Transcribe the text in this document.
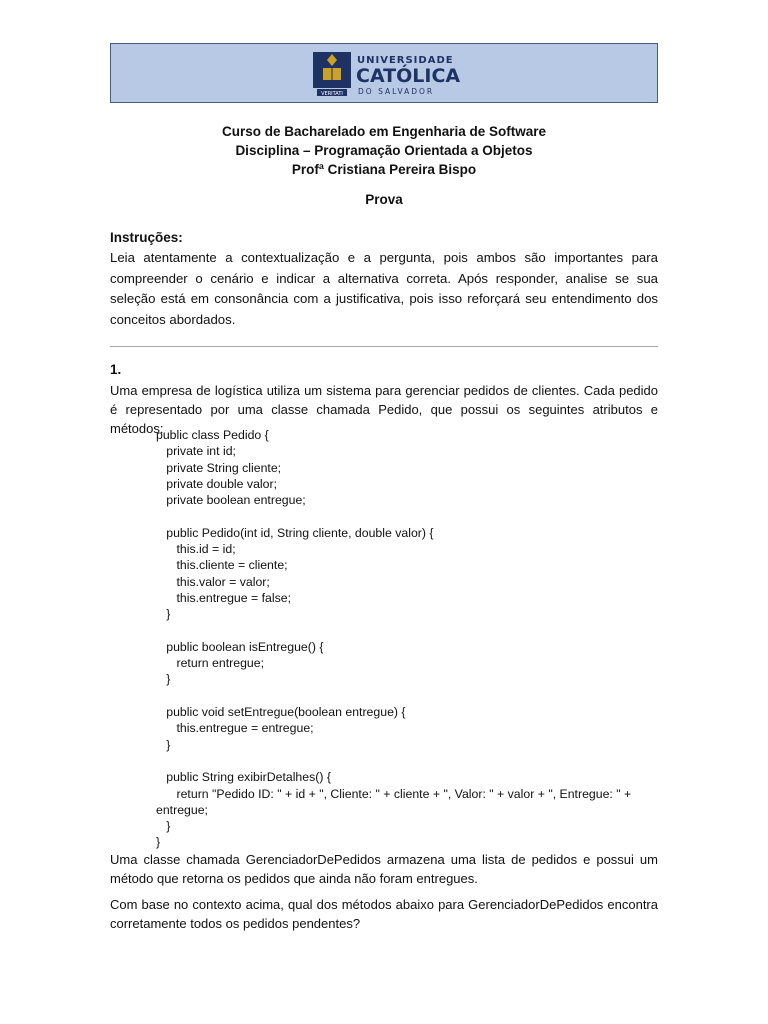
VERITATI
UNIVERSIDADE
CATÓLICA
DO SALVADOR
Curso de Bacharelado em Engenharia de Software
Disciplina – Programação Orientada a Objetos
Profª Cristiana Pereira Bispo
Prova
Instruções:
Leia atentamente a contextualização e a pergunta, pois ambos são importantes para compreender o cenário e indicar a alternativa correta. Após responder, analise se sua seleção está em consonância com a justificativa, pois isso reforçará seu entendimento dos conceitos abordados.
1.
Uma empresa de logística utiliza um sistema para gerenciar pedidos de clientes. Cada pedido é representado por uma classe chamada Pedido, que possui os seguintes atributos e métodos:
public class Pedido {
private int id;
private String cliente;
private double valor;
private boolean entregue;
public Pedido(int id, String cliente, double valor) {
this.id = id;
this.cliente = cliente;
this.valor = valor;
this.entregue = false;
}
public boolean isEntregue() {
return entregue;
}
public void setEntregue(boolean entregue) {
this.entregue = entregue;
}
public String exibirDetalhes() {
return "Pedido ID: " + id + ", Cliente: " + cliente + ", Valor: " + valor + ", Entregue: " +
entregue;
}
}
Uma classe chamada GerenciadorDePedidos armazena uma lista de pedidos e possui um método que retorna os pedidos que ainda não foram entregues.
Com base no contexto acima, qual dos métodos abaixo para GerenciadorDePedidos encontra corretamente todos os pedidos pendentes?
